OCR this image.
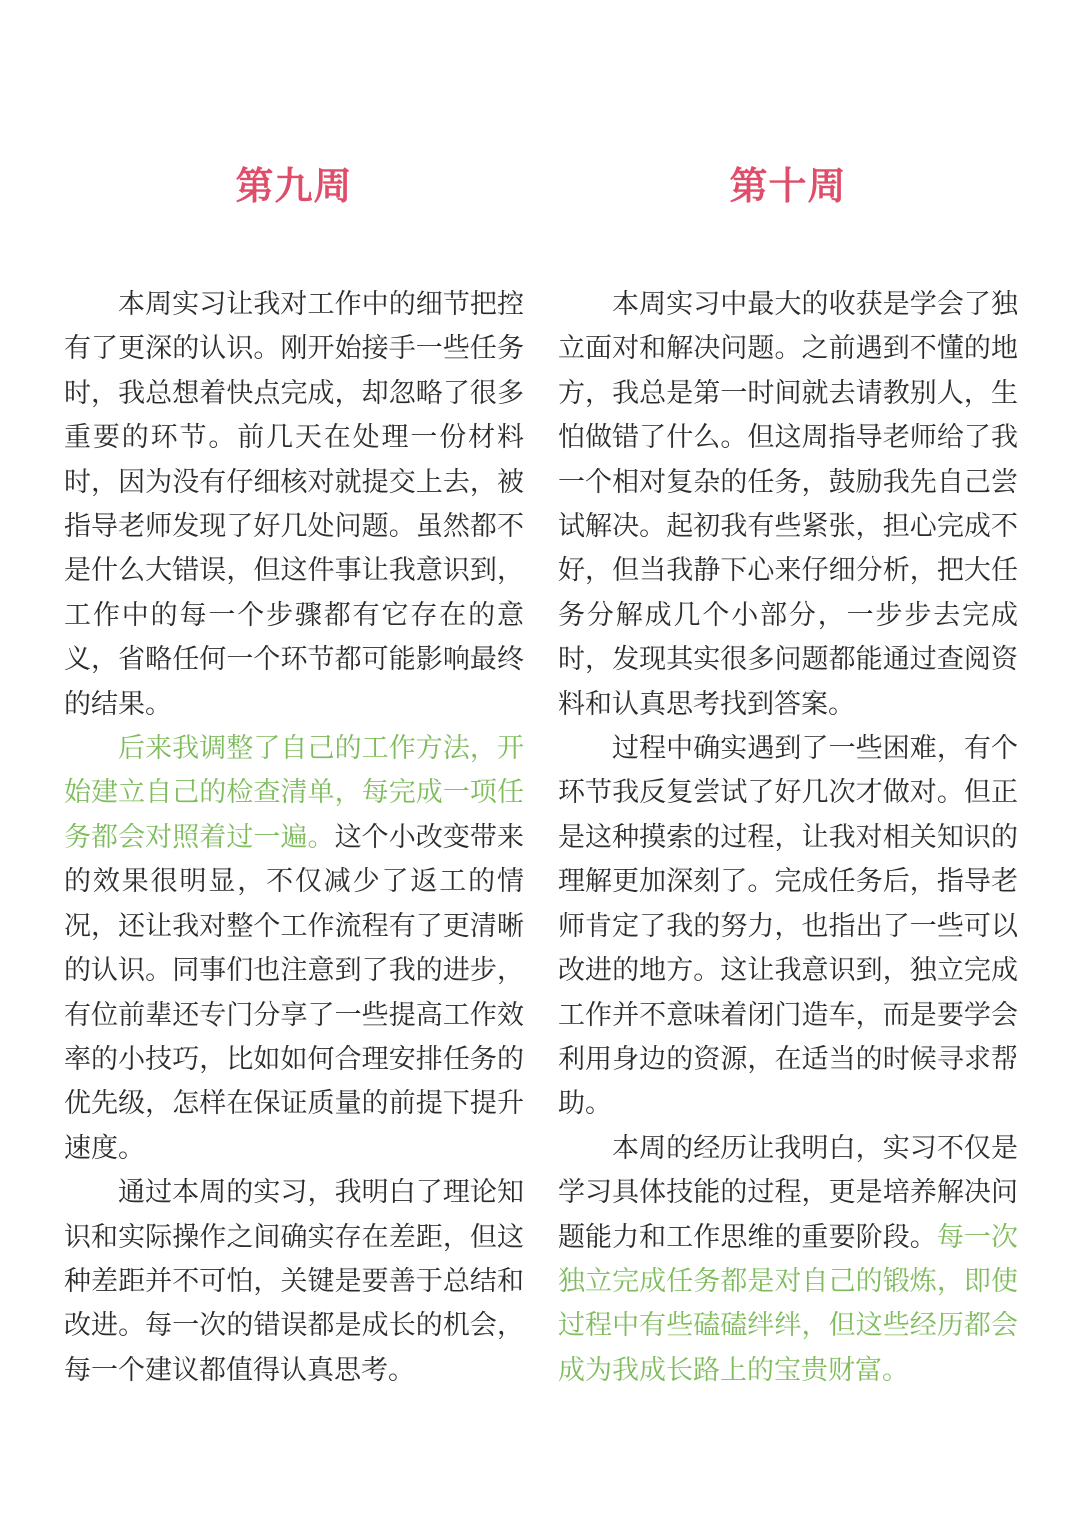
第九周

本周实习让我对工作中的细节把控有了更深的认识。刚开始接手一些任务时，我总想着快点完成，却忽略了很多重要的环节。前几天在处理一份材料时，因为没有仔细核对就提交上去，被指导老师发现了好几处问题。虽然都不是什么大错误，但这件事让我意识到，工作中的每一个步骤都有它存在的意义，省略任何一个环节都可能影响最终的结果。

后来我调整了自己的工作方法，开始建立自己的检查清单，每完成一项任务都会对照着过一遍。这个小改变带来的效果很明显，不仅减少了返工的情况，还让我对整个工作流程有了更清晰的认识。同事们也注意到了我的进步，有位前辈还专门分享了一些提高工作效率的小技巧，比如如何合理安排任务的优先级，怎样在保证质量的前提下提升速度。

通过本周的实习，我明白了理论知识和实际操作之间确实存在差距，但这种差距并不可怕，关键是要善于总结和改进。每一次的错误都是成长的机会，每一个建议都值得认真思考。

第十周

本周实习中最大的收获是学会了独立面对和解决问题。之前遇到不懂的地方，我总是第一时间就去请教别人，生怕做错了什么。但这周指导老师给了我一个相对复杂的任务，鼓励我先自己尝试解决。起初我有些紧张，担心完成不好，但当我静下心来仔细分析，把大任务分解成几个小部分，一步步去完成时，发现其实很多问题都能通过查阅资料和认真思考找到答案。

过程中确实遇到了一些困难，有个环节我反复尝试了好几次才做对。但正是这种摸索的过程，让我对相关知识的理解更加深刻了。完成任务后，指导老师肯定了我的努力，也指出了一些可以改进的地方。这让我意识到，独立完成工作并不意味着闭门造车，而是要学会利用身边的资源，在适当的时候寻求帮助。

本周的经历让我明白，实习不仅是学习具体技能的过程，更是培养解决问题能力和工作思维的重要阶段。每一次独立完成任务都是对自己的锻炼，即使过程中有些磕磕绊绊，但这些经历都会成为我成长路上的宝贵财富。
